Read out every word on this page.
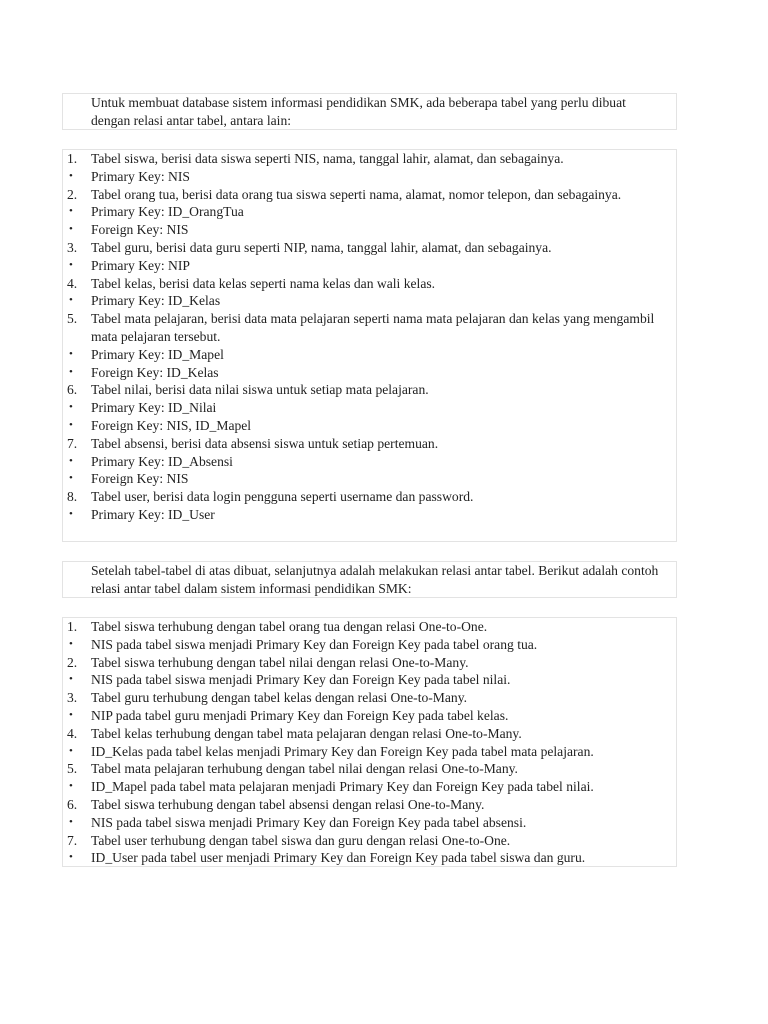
Untuk membuat database sistem informasi pendidikan SMK, ada beberapa tabel yang perlu dibuat dengan relasi antar tabel, antara lain:

1.	Tabel siswa, berisi data siswa seperti NIS, nama, tanggal lahir, alamat, dan sebagainya.
•	Primary Key: NIS
2.	Tabel orang tua, berisi data orang tua siswa seperti nama, alamat, nomor telepon, dan sebagainya.
•	Primary Key: ID_OrangTua
•	Foreign Key: NIS
3.	Tabel guru, berisi data guru seperti NIP, nama, tanggal lahir, alamat, dan sebagainya.
•	Primary Key: NIP
4.	Tabel kelas, berisi data kelas seperti nama kelas dan wali kelas.
•	Primary Key: ID_Kelas
5.	Tabel mata pelajaran, berisi data mata pelajaran seperti nama mata pelajaran dan kelas yang mengambil mata pelajaran tersebut.
•	Primary Key: ID_Mapel
•	Foreign Key: ID_Kelas
6.	Tabel nilai, berisi data nilai siswa untuk setiap mata pelajaran.
•	Primary Key: ID_Nilai
•	Foreign Key: NIS, ID_Mapel
7.	Tabel absensi, berisi data absensi siswa untuk setiap pertemuan.
•	Primary Key: ID_Absensi
•	Foreign Key: NIS
8.	Tabel user, berisi data login pengguna seperti username dan password.
•	Primary Key: ID_User

Setelah tabel-tabel di atas dibuat, selanjutnya adalah melakukan relasi antar tabel. Berikut adalah contoh relasi antar tabel dalam sistem informasi pendidikan SMK:

1.	Tabel siswa terhubung dengan tabel orang tua dengan relasi One-to-One.
•	NIS pada tabel siswa menjadi Primary Key dan Foreign Key pada tabel orang tua.
2.	Tabel siswa terhubung dengan tabel nilai dengan relasi One-to-Many.
•	NIS pada tabel siswa menjadi Primary Key dan Foreign Key pada tabel nilai.
3.	Tabel guru terhubung dengan tabel kelas dengan relasi One-to-Many.
•	NIP pada tabel guru menjadi Primary Key dan Foreign Key pada tabel kelas.
4.	Tabel kelas terhubung dengan tabel mata pelajaran dengan relasi One-to-Many.
•	ID_Kelas pada tabel kelas menjadi Primary Key dan Foreign Key pada tabel mata pelajaran.
5.	Tabel mata pelajaran terhubung dengan tabel nilai dengan relasi One-to-Many.
•	ID_Mapel pada tabel mata pelajaran menjadi Primary Key dan Foreign Key pada tabel nilai.
6.	Tabel siswa terhubung dengan tabel absensi dengan relasi One-to-Many.
•	NIS pada tabel siswa menjadi Primary Key dan Foreign Key pada tabel absensi.
7.	Tabel user terhubung dengan tabel siswa dan guru dengan relasi One-to-One.
•	ID_User pada tabel user menjadi Primary Key dan Foreign Key pada tabel siswa dan guru.
